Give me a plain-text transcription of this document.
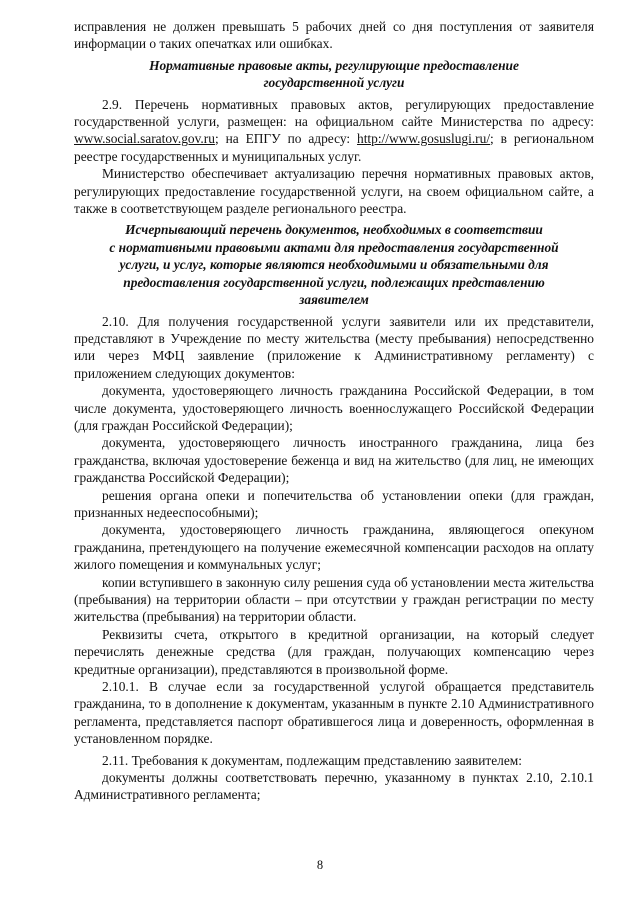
исправления не должен превышать 5 рабочих дней со дня поступления от заявителя информации о таких опечатках или ошибках.

Нормативные правовые акты, регулирующие предоставление
государственной услуги

2.9. Перечень нормативных правовых актов, регулирующих предоставление государственной услуги, размещен: на официальном сайте Министерства по адресу: www.social.saratov.gov.ru; на ЕПГУ по адресу: http://www.gosuslugi.ru/; в региональном реестре государственных и муниципальных услуг.

Министерство обеспечивает актуализацию перечня нормативных правовых актов, регулирующих предоставление государственной услуги, на своем официальном сайте, а также в соответствующем разделе регионального реестра.

Исчерпывающий перечень документов, необходимых в соответствии
с нормативными правовыми актами для предоставления государственной
услуги, и услуг, которые являются необходимыми и обязательными для
предоставления государственной услуги, подлежащих представлению
заявителем

2.10. Для получения государственной услуги заявители или их представители, представляют в Учреждение по месту жительства (месту пребывания) непосредственно или через МФЦ заявление (приложение к Административному регламенту) с приложением следующих документов:

документа, удостоверяющего личность гражданина Российской Федерации, в том числе документа, удостоверяющего личность военнослужащего Российской Федерации (для граждан Российской Федерации);

документа, удостоверяющего личность иностранного гражданина, лица без гражданства, включая удостоверение беженца и вид на жительство (для лиц, не имеющих гражданства Российской Федерации);

решения органа опеки и попечительства об установлении опеки (для граждан, признанных недееспособными);

документа, удостоверяющего личность гражданина, являющегося опекуном гражданина, претендующего на получение ежемесячной компенсации расходов на оплату жилого помещения и коммунальных услуг;

копии вступившего в законную силу решения суда об установлении места жительства (пребывания) на территории области – при отсутствии у граждан регистрации по месту жительства (пребывания) на территории области.

Реквизиты счета, открытого в кредитной организации, на который следует перечислять денежные средства (для граждан, получающих компенсацию через кредитные организации), представляются в произвольной форме.

2.10.1. В случае если за государственной услугой обращается представитель гражданина, то в дополнение к документам, указанным в пункте 2.10 Административного регламента, представляется паспорт обратившегося лица и доверенность, оформленная в установленном порядке.

2.11. Требования к документам, подлежащим представлению заявителем:

документы должны соответствовать перечню, указанному в пунктах 2.10, 2.10.1 Административного регламента;

8
